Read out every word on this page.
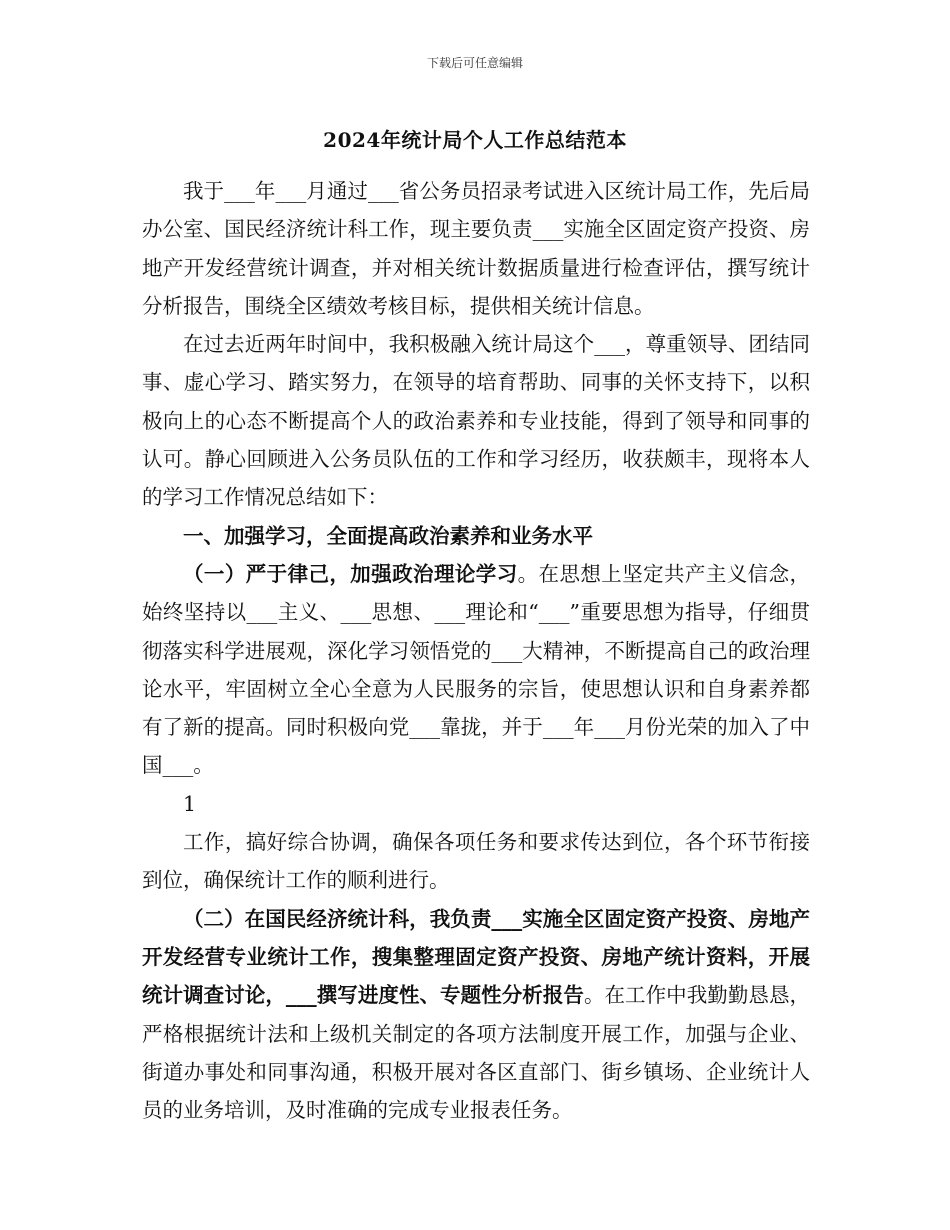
下载后可任意编辑
2024年统计局个人工作总结范本

我于___年___月通过___省公务员招录考试进入区统计局工作，先后局办公室、国民经济统计科工作，现主要负责___实施全区固定资产投资、房地产开发经营统计调查，并对相关统计数据质量进行检查评估，撰写统计分析报告，围绕全区绩效考核目标，提供相关统计信息。

在过去近两年时间中，我积极融入统计局这个___，尊重领导、团结同事、虚心学习、踏实努力，在领导的培育帮助、同事的关怀支持下，以积极向上的心态不断提高个人的政治素养和专业技能，得到了领导和同事的认可。静心回顾进入公务员队伍的工作和学习经历，收获颇丰，现将本人的学习工作情况总结如下：

一、加强学习，全面提高政治素养和业务水平

（一）严于律己，加强政治理论学习。在思想上坚定共产主义信念，始终坚持以___主义、___思想、___理论和“___”重要思想为指导，仔细贯彻落实科学进展观，深化学习领悟党的___大精神，不断提高自己的政治理论水平，牢固树立全心全意为人民服务的宗旨，使思想认识和自身素养都有了新的提高。同时积极向党___靠拢，并于___年___月份光荣的加入了中国___。

1

工作，搞好综合协调，确保各项任务和要求传达到位，各个环节衔接到位，确保统计工作的顺利进行。

（二）在国民经济统计科，我负责___实施全区固定资产投资、房地产开发经营专业统计工作，搜集整理固定资产投资、房地产统计资料，开展统计调查讨论，___撰写进度性、专题性分析报告。在工作中我勤勤恳恳，严格根据统计法和上级机关制定的各项方法制度开展工作，加强与企业、街道办事处和同事沟通，积极开展对各区直部门、街乡镇场、企业统计人员的业务培训，及时准确的完成专业报表任务。
